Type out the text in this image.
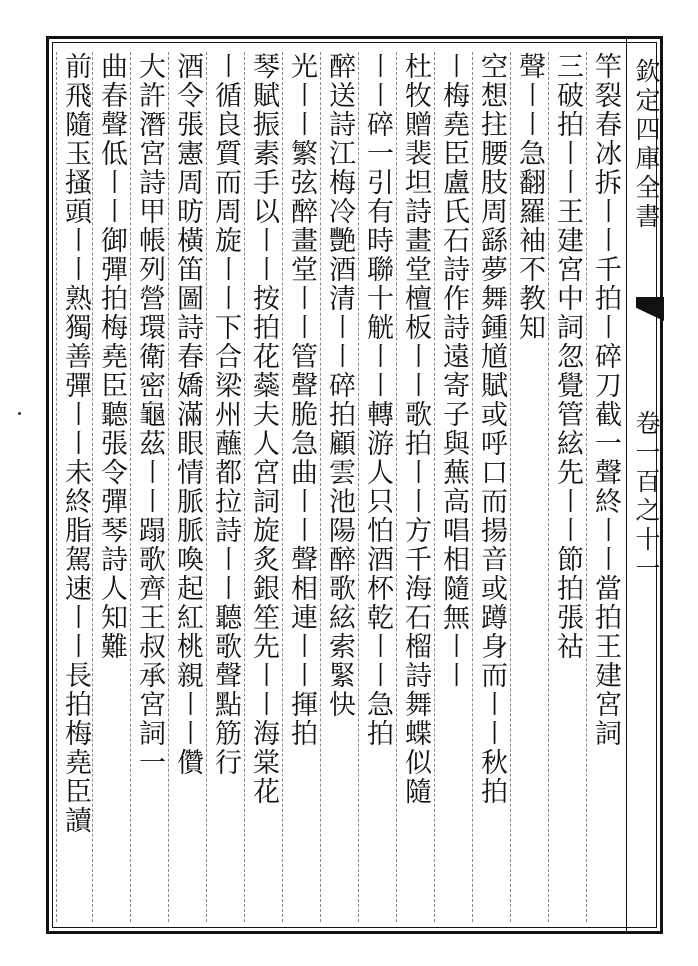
欽定四庫全書
卷一百之十一
竿裂春冰拆〡〡千拍〡碎刀截一聲終〡〡當拍王建宮詞
三破拍〡〡王建宮中詞忽覺管絃先〡〡節拍張祜
聲〡〡急翻羅袖不教知
空想拄腰肢周繇夢舞鍾馗賦或呼口而揚音或蹲身而〡〡秋拍
〡梅堯臣盧氏石詩作詩遠寄子與蕪高唱相隨無〡〡
杜牧贈裴坦詩畫堂檀板〡〡歌拍〡〡方千海石榴詩舞蝶似隨
〡〡碎一引有時聯十觥〡〡轉游人只怕酒杯乾〡〡急拍
醉送詩江梅冷艷酒清〡〡碎拍顧雲池陽醉歌絃索緊快
光〡〡繁弦醉畫堂〡〡管聲脆急曲〡〡聲相連〡〡揮拍
琴賦振素手以〡〡按拍花蘂夫人宮詞旋炙銀笙先〡〡海棠花
〡循良質而周旋〡〡下合梁州蘸都拉詩〡〡聽歌聲點筋行
酒令張憲周昉橫笛圖詩春嬌滿眼情脈脈喚起紅桃親〡〡儹
大許潛宮詩甲帳列營環衛密龜茲〡〡蹋歌齊王叔承宮詞一
曲春聲低〡〡御彈拍梅堯臣聽張令彈琴詩人知難
前飛隨玉搔頭〡〡熟獨善彈〡〡未終脂駕速〡〡長拍梅堯臣讀
